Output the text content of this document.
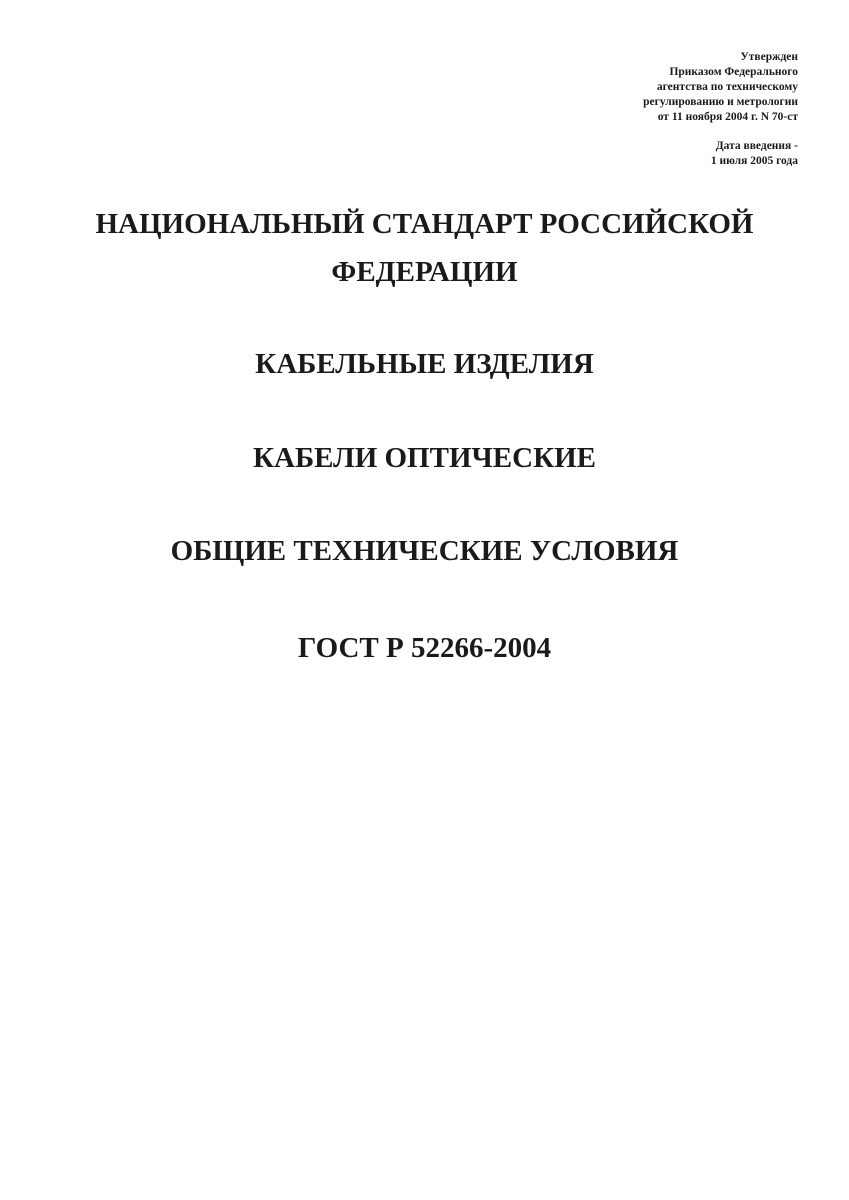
Утвержден
Приказом Федерального
агентства по техническому
регулированию и метрологии
от 11 ноября 2004 г. N 70-ст
Дата введения -
1 июля 2005 года
НАЦИОНАЛЬНЫЙ СТАНДАРТ РОССИЙСКОЙ
ФЕДЕРАЦИИ
КАБЕЛЬНЫЕ ИЗДЕЛИЯ
КАБЕЛИ ОПТИЧЕСКИЕ
ОБЩИЕ ТЕХНИЧЕСКИЕ УСЛОВИЯ
ГОСТ Р 52266-2004
